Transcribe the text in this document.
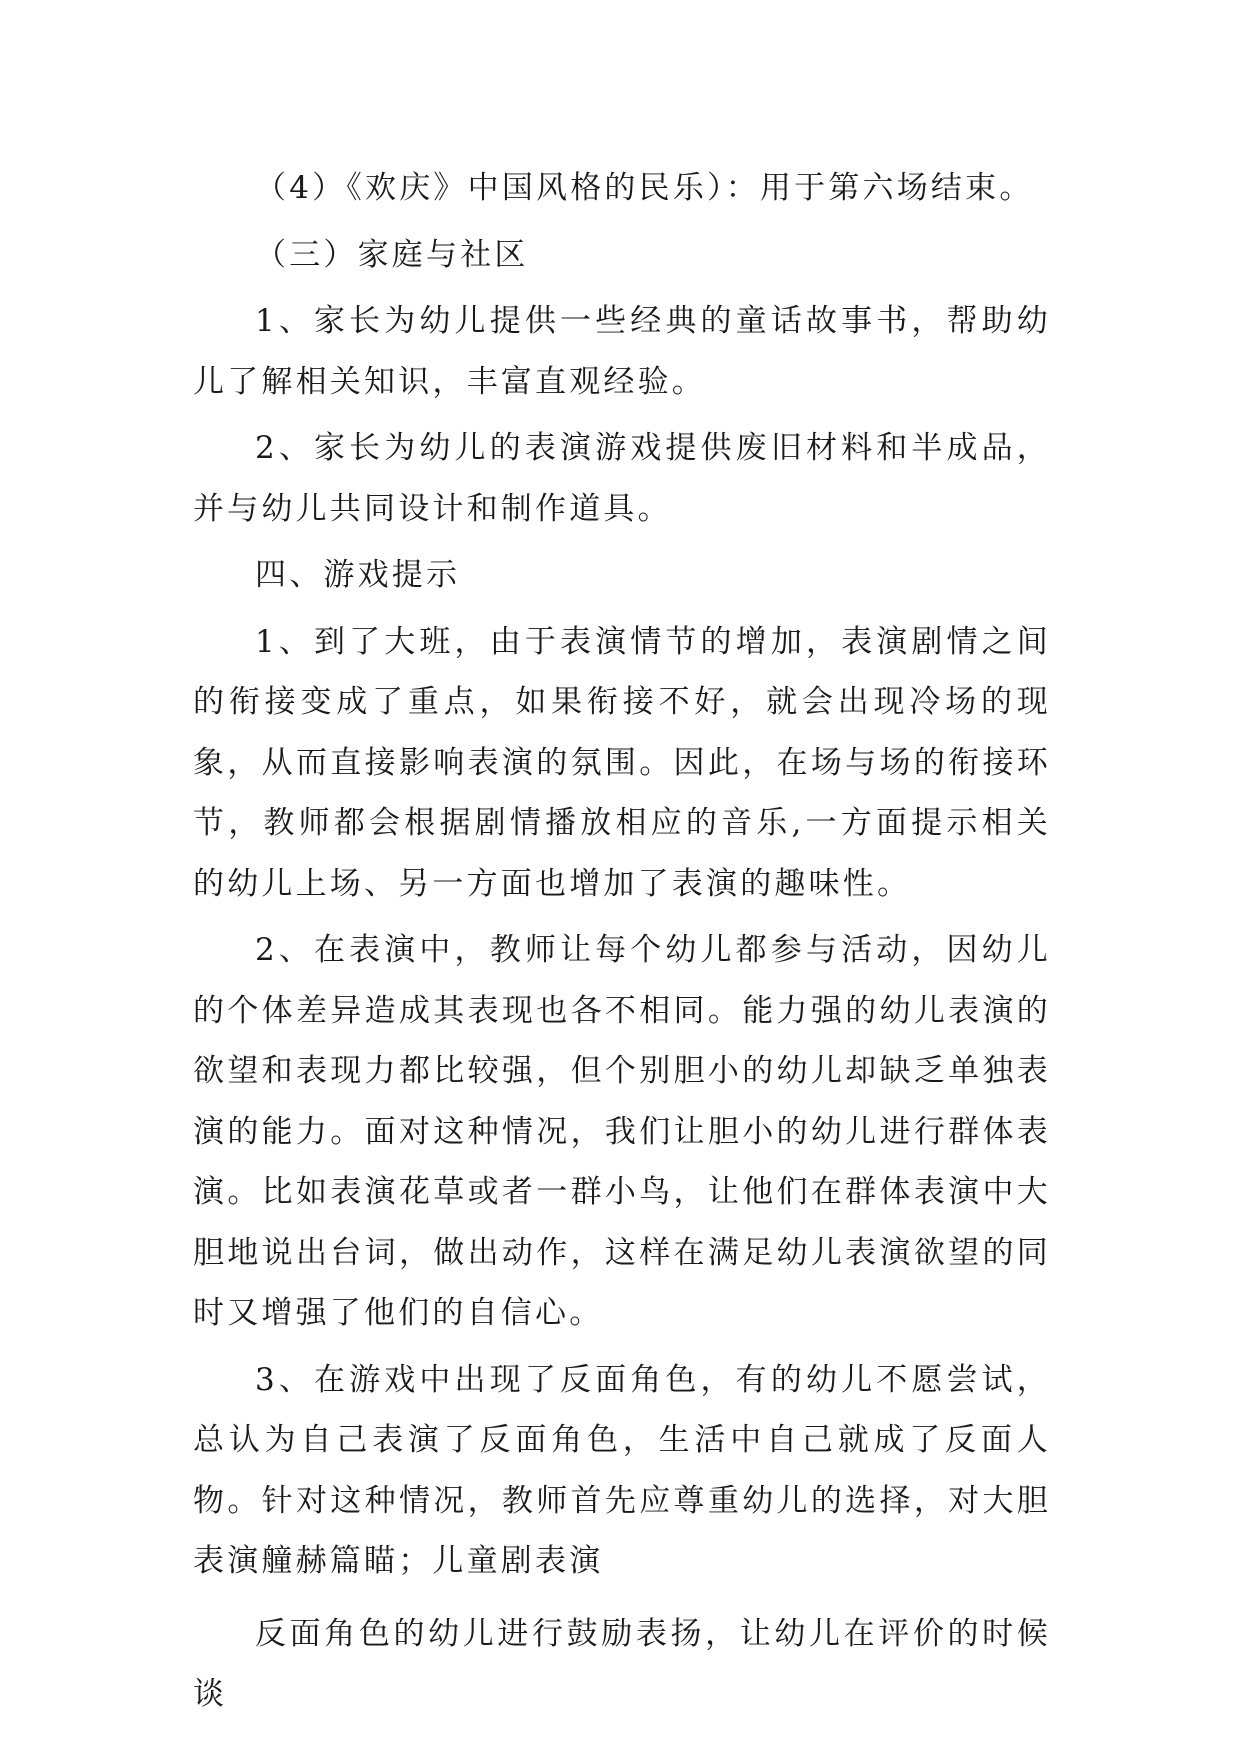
（4）《欢庆》中国风格的民乐）：用于第六场结束。

（三）家庭与社区

1、家长为幼儿提供一些经典的童话故事书，帮助幼儿了解相关知识，丰富直观经验。

2、家长为幼儿的表演游戏提供废旧材料和半成品，并与幼儿共同设计和制作道具。

四、游戏提示

1、到了大班，由于表演情节的增加，表演剧情之间的衔接变成了重点，如果衔接不好，就会出现冷场的现象，从而直接影响表演的氛围。因此，在场与场的衔接环节，教师都会根据剧情播放相应的音乐,一方面提示相关的幼儿上场、另一方面也增加了表演的趣味性。

2、在表演中，教师让每个幼儿都参与活动，因幼儿的个体差异造成其表现也各不相同。能力强的幼儿表演的欲望和表现力都比较强，但个别胆小的幼儿却缺乏单独表演的能力。面对这种情况，我们让胆小的幼儿进行群体表演。比如表演花草或者一群小鸟，让他们在群体表演中大胆地说出台词，做出动作，这样在满足幼儿表演欲望的同时又增强了他们的自信心。

3、在游戏中出现了反面角色，有的幼儿不愿尝试，总认为自己表演了反面角色，生活中自己就成了反面人物。针对这种情况，教师首先应尊重幼儿的选择，对大胆表演艟赫篇瞄；儿童剧表演

反面角色的幼儿进行鼓励表扬，让幼儿在评价的时候谈
